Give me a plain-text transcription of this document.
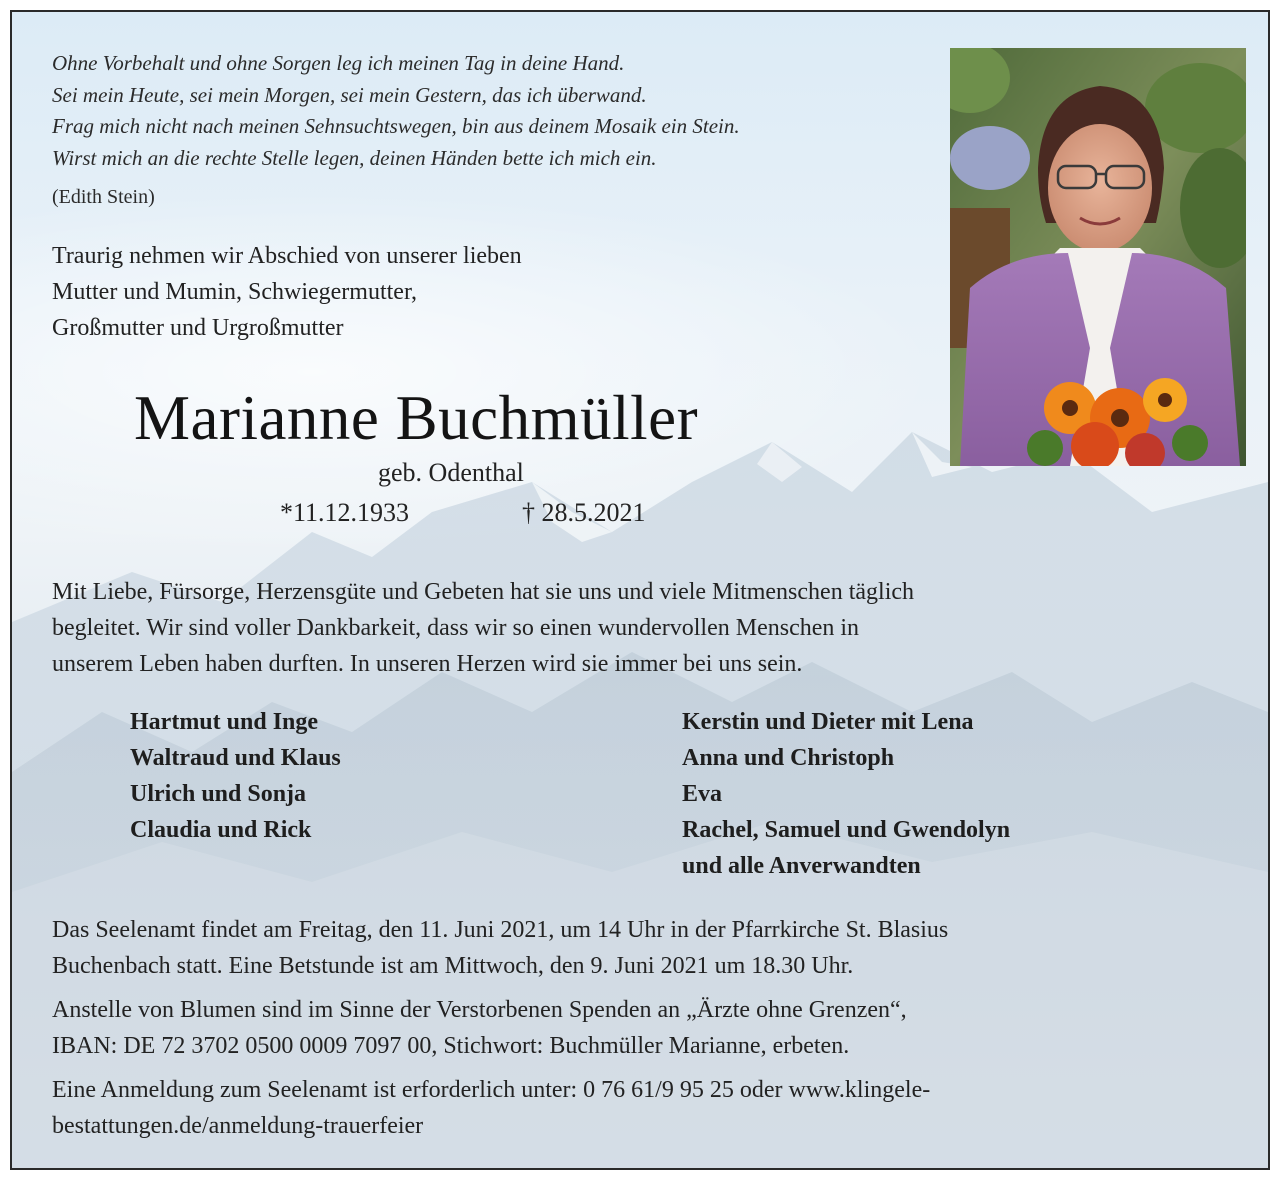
Ohne Vorbehalt und ohne Sorgen leg ich meinen Tag in deine Hand.
Sei mein Heute, sei mein Morgen, sei mein Gestern, das ich überwand.
Frag mich nicht nach meinen Sehnsuchtswegen, bin aus deinem Mosaik ein Stein.
Wirst mich an die rechte Stelle legen, deinen Händen bette ich mich ein.
(Edith Stein)
Traurig nehmen wir Abschied von unserer lieben
Mutter und Mumin, Schwiegermutter,
Großmutter und Urgroßmutter
Marianne Buchmüller
geb. Odenthal
*11.12.1933	† 28.5.2021
Mit Liebe, Fürsorge, Herzensgüte und Gebeten hat sie uns und viele Mitmenschen täglich
begleitet. Wir sind voller Dankbarkeit, dass wir so einen wundervollen Menschen in
unserem Leben haben durften. In unseren Herzen wird sie immer bei uns sein.
Hartmut und Inge
Waltraud und Klaus
Ulrich und Sonja
Claudia und Rick
Kerstin und Dieter mit Lena
Anna und Christoph
Eva
Rachel, Samuel und Gwendolyn
und alle Anverwandten
Das Seelenamt findet am Freitag, den 11. Juni 2021, um 14 Uhr in der Pfarrkirche St. Blasius
Buchenbach statt. Eine Betstunde ist am Mittwoch, den 9. Juni 2021 um 18.30 Uhr.
Anstelle von Blumen sind im Sinne der Verstorbenen Spenden an „Ärzte ohne Grenzen“,
IBAN: DE 72 3702 0500 0009 7097 00, Stichwort: Buchmüller Marianne, erbeten.
Eine Anmeldung zum Seelenamt ist erforderlich unter: 0 76 61/9 95 25 oder www.klingele-
bestattungen.de/anmeldung-trauerfeier
